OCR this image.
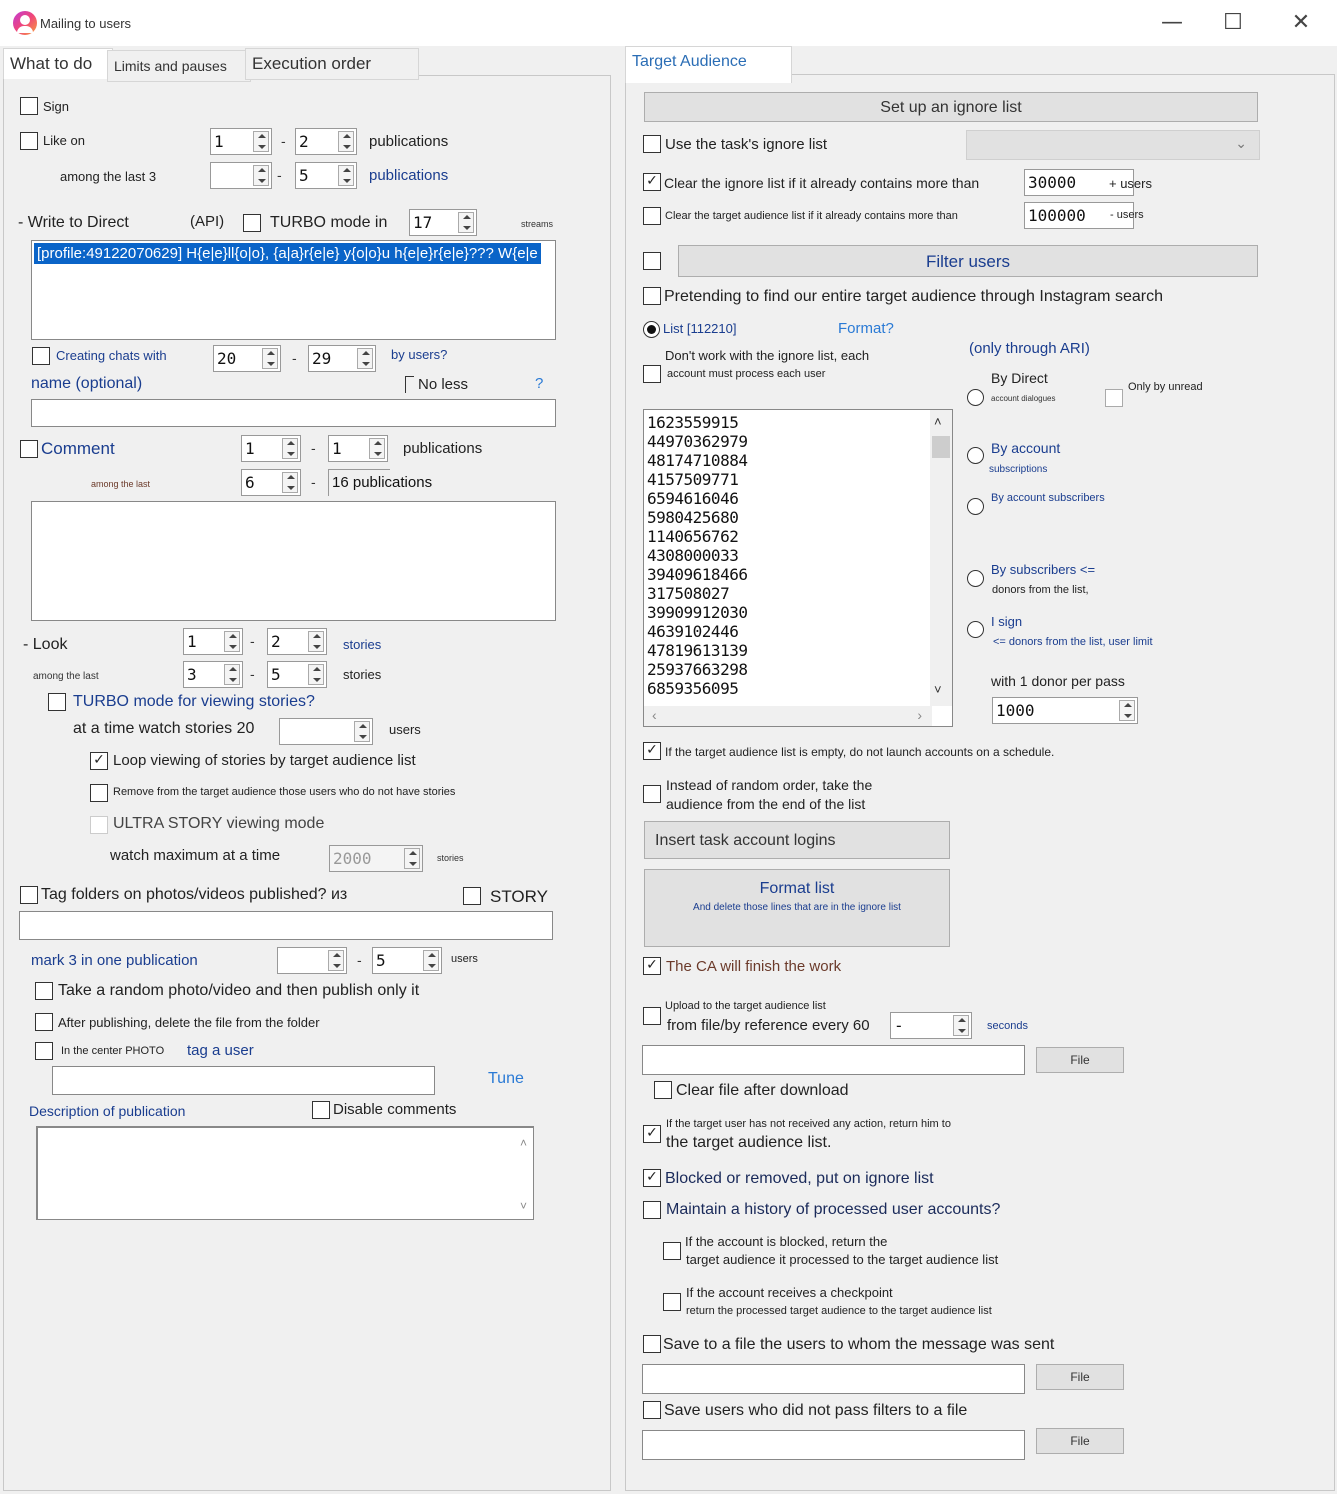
Mailing to users	— ☐ ✕
What to do	Limits and pauses	Execution order
Sign
Like on	1	- 2	publications
among the last 3	- 5	publications
- Write to Direct	(API)	TURBO mode in 17	streams
[profile:49122070629] H{e|e}ll{o|o}, {a|a}r{e|e} y{o|o}u h{e|e}r{e|e}??? W{e|e
Creating chats with	20	- 29	by users?
name (optional)	No less	?
Comment	1	- 1	publications
among the last	6	- 16 publications
- Look	1	- 2	stories
among the last	3	- 5	stories
TURBO mode for viewing stories?
at a time watch stories 20	users
✓ Loop viewing of stories by target audience list
Remove from the target audience those users who do not have stories
ULTRA STORY viewing mode
watch maximum at a time	2000	stories
Tag folders on photos/videos published? из	STORY
mark 3 in one publication	- 5	users
Take a random photo/video and then publish only it
After publishing, delete the file from the folder
In the center PHOTO tag a user
Tune
Description of publication	Disable comments
˄
˅
Target Audience
Set up an ignore list
Use the task's ignore list	⌄
✓ Clear the ignore list if it already contains more than	30000	+ users
Clear the target audience list if it already contains more than	100000	- users
Filter users
Pretending to find our entire target audience through Instagram search
List [112210]	Format?
Don't work with the ignore list, each
account must process each user
(only through ARI)
1623559915
44970362979
48174710884
4157509771
6594616046
5980425680
1140656762
4308000033
39409618466
317508027
39909912030
4639102446
47819613139
25937663298
6859356095
˄
˅
‹	›
By Direct
account dialogues
Only by unread
By account
subscriptions
By account subscribers
By subscribers <=
donors from the list,
I sign
<= donors from the list, user limit
with 1 donor per pass
1000
✓ If the target audience list is empty, do not launch accounts on a schedule.
Instead of random order, take the
audience from the end of the list
Insert task account logins
Format list
And delete those lines that are in the ignore list
✓ The CA will finish the work
Upload to the target audience list
from file/by reference every 60 -	seconds
File
Clear file after download
✓
If the target user has not received any action, return him to
the target audience list.
✓ Blocked or removed, put on ignore list
Maintain a history of processed user accounts?
If the account is blocked, return the
target audience it processed to the target audience list
If the account receives a checkpoint
return the processed target audience to the target audience list
Save to a file the users to whom the message was sent
File
Save users who did not pass filters to a file
File
